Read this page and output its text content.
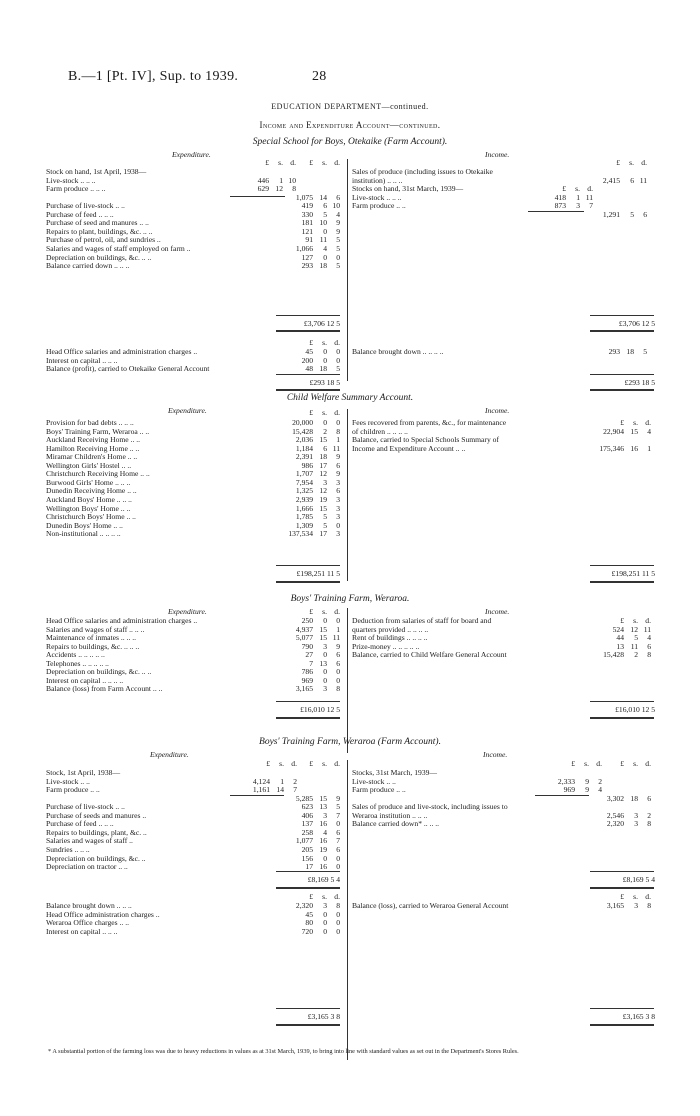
B.—1 [Pt. IV], Sup. to 1939.	28
EDUCATION DEPARTMENT—continued.
Income and Expenditure Account—continued.
Special School for Boys, Otekaike (Farm Account).
Expenditure.	Income.
£	s. d.	£	s. d.	£	s. d.
Stock on hand, 1st April, 1938—
Live-stock .. .. ..	446	1 10
Farm produce .. .. ..	629 12	8
1,075 14	6
Purchase of live-stock .. ..	419	6 10
Purchase of feed .. .. ..	330	5	4
Purchase of seed and manures .. ..	181 10	9
Repairs to plant, buildings, &c. .. ..	121	0	9
Purchase of petrol, oil, and sundries ..	91 11	5
Salaries and wages of staff employed on farm ..	1,066	4	5
Depreciation on buildings, &c. .. ..	127	0	0
Balance carried down .. .. ..	293 18	5
£3,706 12 5
Sales of produce (including issues to Otekaike
institution) .. .. ..	2,415	6 11
Stocks on hand, 31st March, 1939—	£	s. d.
Live-stock .. .. ..	418	1 11
Farm produce .. ..	873	3	7
1,291	5	6
£3,706 12 5
£	s. d.
Head Office salaries and administration charges ..	45	0	0
Interest on capital .. .. ..	200	0	0
Balance (profit), carried to Otekaike General Account	48 18	5
Balance brought down .. .. .. ..	293 18	5
£293 18 5	£293 18 5
Child Welfare Summary Account.
Expenditure.	Income.
£	s. d.
£	s. d.
Provision for bad debts .. .. ..	20,000	0	0
Boys' Training Farm, Weraroa .. ..	15,428	2	8
Auckland Receiving Home .. ..	2,036 15	1
Hamilton Receiving Home .. ..	1,184	6 11
Miramar Children's Home .. ..	2,391 18	9
Wellington Girls' Hostel .. ..	986 17	6
Christchurch Receiving Home .. ..	1,707 12	9
Burwood Girls' Home .. .. ..	7,954	3	3
Dunedin Receiving Home .. ..	1,325 12	6
Auckland Boys' Home .. .. ..	2,939 19	3
Wellington Boys' Home .. ..	1,666 15	3
Christchurch Boys' Home .. ..	1,785	5	3
Dunedin Boys' Home .. ..	1,309	5	0
Non-institutional .. .. .. ..	137,534 17	3
Fees recovered from parents, &c., for maintenance
of children .. .. .. ..	22,904 15	4
Balance, carried to Special Schools Summary of
Income and Expenditure Account .. ..	175,346 16	1
£198,251 11 5	£198,251 11 5
Boys' Training Farm, Weraroa.
Expenditure.	Income.
£	s. d.
£	s. d.
Head Office salaries and administration charges ..	250	0	0
Salaries and wages of staff .. .. ..	4,937 15	1
Maintenance of inmates .. .. ..	5,077 15 11
Repairs to buildings, &c. .. .. ..	790	3	9
Accidents .. .. .. .. ..	27	0	6
Telephones .. .. .. .. ..	7 13	6
Depreciation on buildings, &c. .. ..	786	0	0
Interest on capital .. .. .. ..	969	0	0
Balance (loss) from Farm Account .. ..	3,165	3	8
Deduction from salaries of staff for board and
quarters provided .. .. .. ..	524 12 11
Rent of buildings .. .. .. ..	44	5	4
Prize-money .. .. .. .. ..	13 11	6
Balance, carried to Child Welfare General Account	15,428	2	8
£16,010 12 5	£16,010 12 5
Boys' Training Farm, Weraroa (Farm Account).
Expenditure.	Income.
£	s. d.	£	s. d.	£	s. d.	£	s. d.
Stock, 1st April, 1938—
Live-stock .. ..	4,124	1	2
Farm produce .. ..	1,161 14	7
5,285 15	9
Purchase of live-stock .. ..	623 13	5
Purchase of seeds and manures ..	406	3	7
Purchase of feed .. .. ..	137 16	0
Repairs to buildings, plant, &c. ..	258	4	6
Salaries and wages of staff ..	1,077 16	7
Sundries .. .. ..	205 19	6
Depreciation on buildings, &c. ..	156	0	0
Depreciation on tractor .. ..	17 16	0
Stocks, 31st March, 1939—
Live-stock .. ..	2,333	9	2
Farm produce .. ..	969	9	4
3,302 18	6
Sales of produce and live-stock, including issues to
Weraroa institution .. .. ..	2,546	3	2
Balance carried down* .. .. ..	2,320	3	8
£8,169 5 4	£8,169 5 4
£	s. d.	£	s. d.
Balance brought down .. .. ..	2,320	3	8
Head Office administration charges ..	45	0	0
Weraroa Office charges .. ..	80	0	0
Interest on capital .. .. ..	720	0	0
Balance (loss), carried to Weraroa General Account	3,165	3	8
£3,165 3 8	£3,165 3 8
* A substantial portion of the farming loss was due to heavy reductions in values as at 31st March, 1939, to bring into line with standard values as set out in the Department's Stores Rules.
